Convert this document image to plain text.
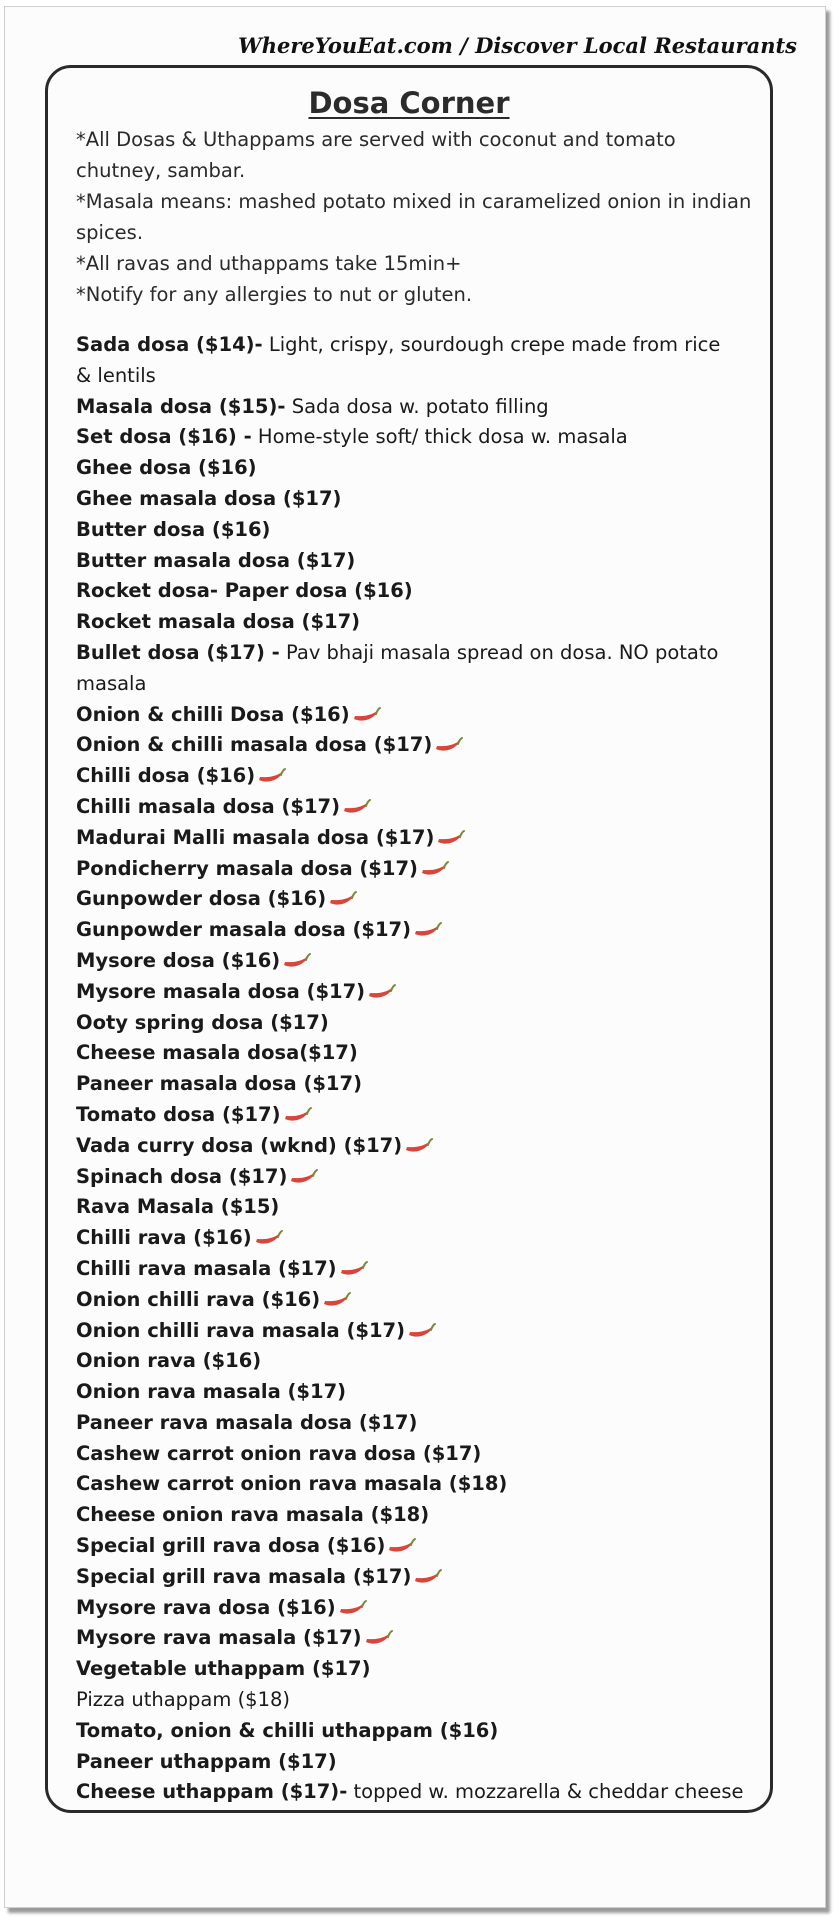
WhereYouEat.com / Discover Local Restaurants
Dosa Corner

*All Dosas & Uthappams are served with coconut and tomato chutney, sambar.

*Masala means: mashed potato mixed in caramelized onion in indian spices.

*All ravas and uthappams take 15min+

*Notify for any allergies to nut or gluten.

Sada dosa ($14)- Light, crispy, sourdough crepe made from rice & lentils
Masala dosa ($15)- Sada dosa w. potato filling
Set dosa ($16) - Home-style soft/ thick dosa w. masala
Ghee dosa ($16)
Ghee masala dosa ($17)
Butter dosa ($16)
Butter masala dosa ($17)
Rocket dosa- Paper dosa ($16)
Rocket masala dosa ($17)
Bullet dosa ($17) - Pav bhaji masala spread on dosa. NO potato masala
Onion & chilli Dosa ($16)
Onion & chilli masala dosa ($17)
Chilli dosa ($16)
Chilli masala dosa ($17)
Madurai Malli masala dosa ($17)
Pondicherry masala dosa ($17)
Gunpowder dosa ($16)
Gunpowder masala dosa ($17)
Mysore dosa ($16)
Mysore masala dosa ($17)
Ooty spring dosa ($17)
Cheese masala dosa($17)
Paneer masala dosa ($17)
Tomato dosa ($17)
Vada curry dosa (wknd) ($17)
Spinach dosa ($17)
Rava Masala ($15)
Chilli rava ($16)
Chilli rava masala ($17)
Onion chilli rava ($16)
Onion chilli rava masala ($17)
Onion rava ($16)
Onion rava masala ($17)
Paneer rava masala dosa ($17)
Cashew carrot onion rava dosa ($17)
Cashew carrot onion rava masala ($18)
Cheese onion rava masala ($18)
Special grill rava dosa ($16)
Special grill rava masala ($17)
Mysore rava dosa ($16)
Mysore rava masala ($17)
Vegetable uthappam ($17)
Pizza uthappam ($18)
Tomato, onion & chilli uthappam ($16)
Paneer uthappam ($17)
Cheese uthappam ($17)- topped w. mozzarella & cheddar cheese
